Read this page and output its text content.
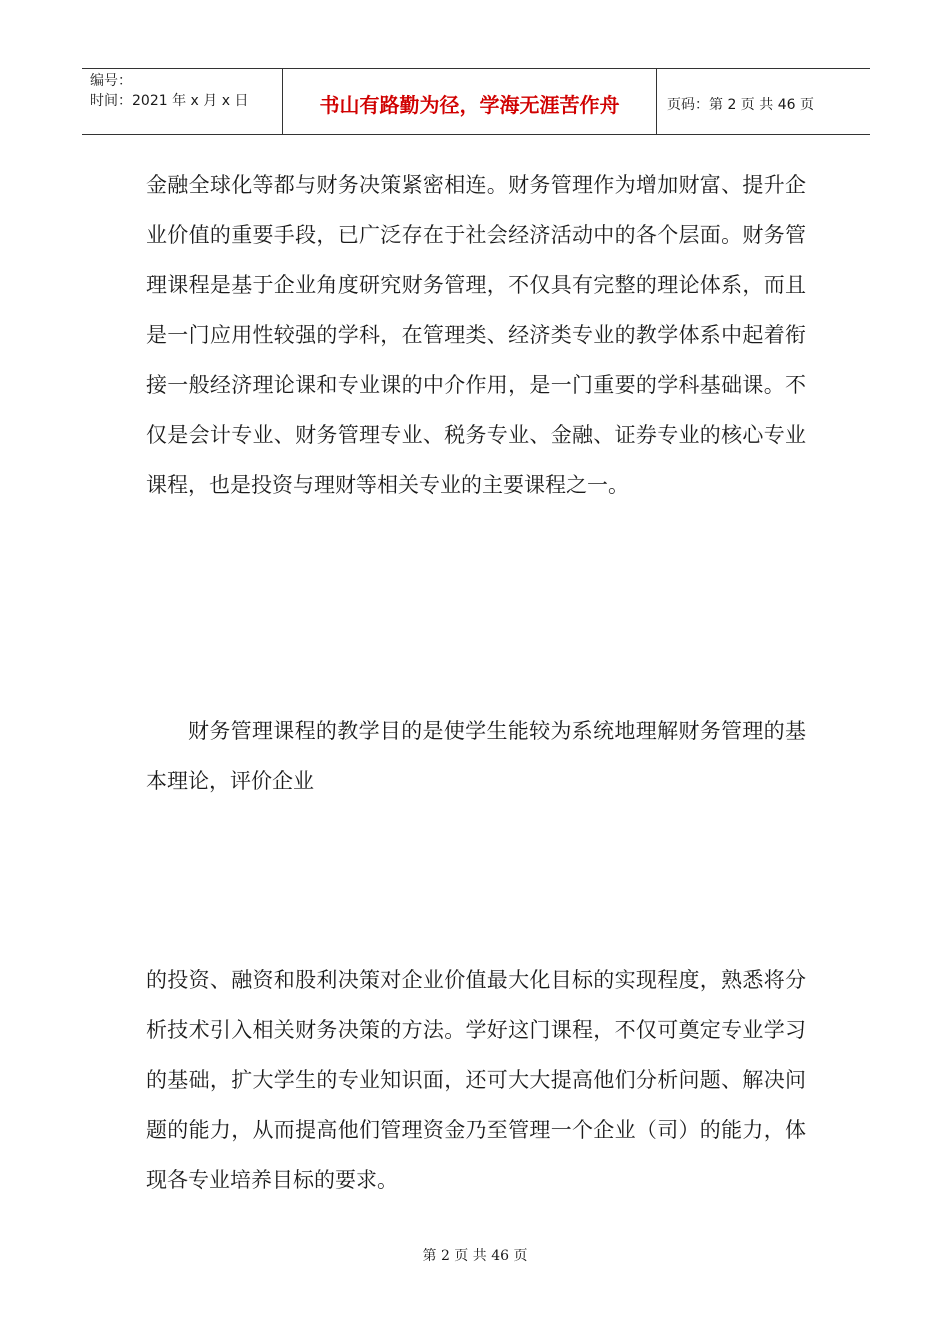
编号：
时间：2021 年 x 月 x 日	书山有路勤为径，学海无涯苦作舟	页码：第 2 页 共 46 页

金融全球化等都与财务决策紧密相连。财务管理作为增加财富、提升企业价值的重要手段，已广泛存在于社会经济活动中的各个层面。财务管理课程是基于企业角度研究财务管理，不仅具有完整的理论体系，而且是一门应用性较强的学科，在管理类、经济类专业的教学体系中起着衔接一般经济理论课和专业课的中介作用，是一门重要的学科基础课。不仅是会计专业、财务管理专业、税务专业、金融、证券专业的核心专业课程，也是投资与理财等相关专业的主要课程之一。

财务管理课程的教学目的是使学生能较为系统地理解财务管理的基本理论，评价企业

的投资、融资和股利决策对企业价值最大化目标的实现程度，熟悉将分析技术引入相关财务决策的方法。学好这门课程，不仅可奠定专业学习的基础，扩大学生的专业知识面，还可大大提高他们分析问题、解决问题的能力，从而提高他们管理资金乃至管理一个企业（司）的能力，体现各专业培养目标的要求。

第 2 页 共 46 页
